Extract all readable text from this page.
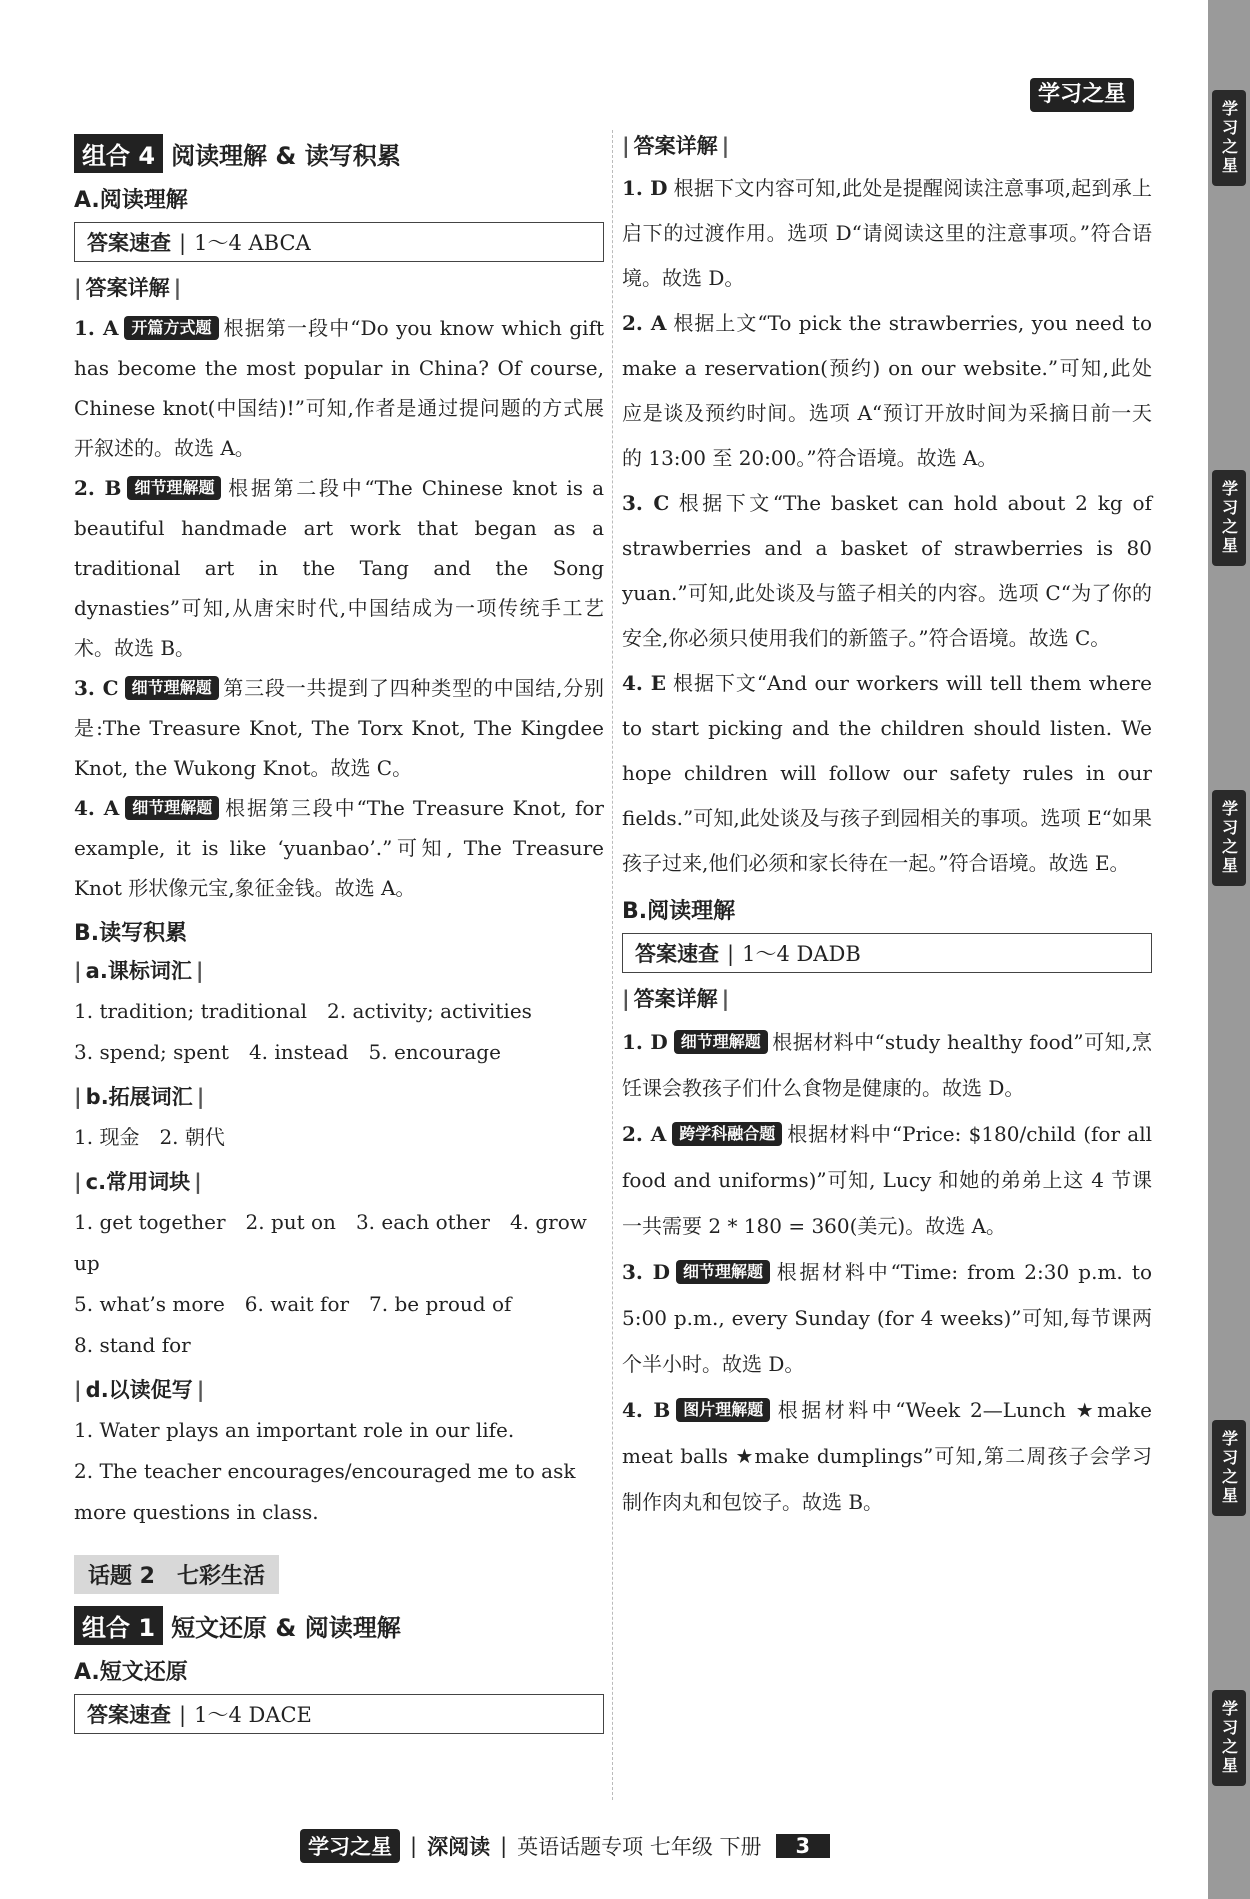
学习之星
学习之星
学习之星
学习之星
学习之星
学习之星
组合 4 阅读理解 & 读写积累
A.阅读理解
答案速查 | 1～4 ABCA
| 答案详解 |

1. A 开篇方式题 根据第一段中“Do you know which gift has become the most popular in China? Of course, Chinese knot(中国结)!”可知,作者是通过提问题的方式展开叙述的。故选 A。

2. B 细节理解题 根据第二段中“The Chinese knot is a beautiful handmade art work that began as a traditional art in the Tang and the Song dynasties”可知,从唐宋时代,中国结成为一项传统手工艺术。故选 B。

3. C 细节理解题 第三段一共提到了四种类型的中国结,分别是:The Treasure Knot, The Torx Knot, The Kingdee Knot, the Wukong Knot。故选 C。

4. A 细节理解题 根据第三段中“The Treasure Knot, for example, it is like ‘yuanbao’.”可知, The Treasure Knot 形状像元宝,象征金钱。故选 A。

B.读写积累
| a.课标词汇 |

1. tradition; traditional　2. activity; activities

3. spend; spent　4. instead　5. encourage

| b.拓展词汇 |

1. 现金　2. 朝代

| c.常用词块 |

1. get together　2. put on　3. each other　4. grow up

5. what’s more　6. wait for　7. be proud of

8. stand for

| d.以读促写 |

1. Water plays an important role in our life.

2. The teacher encourages/encouraged me to ask more questions in class.

话题 2　七彩生活
组合 1 短文还原 & 阅读理解
A.短文还原
答案速查 | 1～4 DACE
| 答案详解 |

1. D 根据下文内容可知,此处是提醒阅读注意事项,起到承上启下的过渡作用。选项 D“请阅读这里的注意事项。”符合语境。故选 D。

2. A 根据上文“To pick the strawberries, you need to make a reservation(预约) on our website.”可知,此处应是谈及预约时间。选项 A“预订开放时间为采摘日前一天的 13:00 至 20:00。”符合语境。故选 A。

3. C 根据下文“The basket can hold about 2 kg of strawberries and a basket of strawberries is 80 yuan.”可知,此处谈及与篮子相关的内容。选项 C“为了你的安全,你必须只使用我们的新篮子。”符合语境。故选 C。

4. E 根据下文“And our workers will tell them where to start picking and the children should listen. We hope children will follow our safety rules in our fields.”可知,此处谈及与孩子到园相关的事项。选项 E“如果孩子过来,他们必须和家长待在一起。”符合语境。故选 E。

B.阅读理解
答案速查 | 1～4 DADB
| 答案详解 |

1. D 细节理解题 根据材料中“study healthy food”可知,烹饪课会教孩子们什么食物是健康的。故选 D。

2. A 跨学科融合题 根据材料中“Price: $180/child (for all food and uniforms)”可知, Lucy 和她的弟弟上这 4 节课一共需要 2 * 180 = 360(美元)。故选 A。

3. D 细节理解题 根据材料中“Time: from 2:30 p.m. to 5:00 p.m., every Sunday (for 4 weeks)”可知,每节课两个半小时。故选 D。

4. B 图片理解题 根据材料中“Week 2—Lunch ★make meat balls ★make dumplings”可知,第二周孩子会学习制作肉丸和包饺子。故选 B。

学习之星 | 深阅读 | 英语话题专项 七年级 下册	3
